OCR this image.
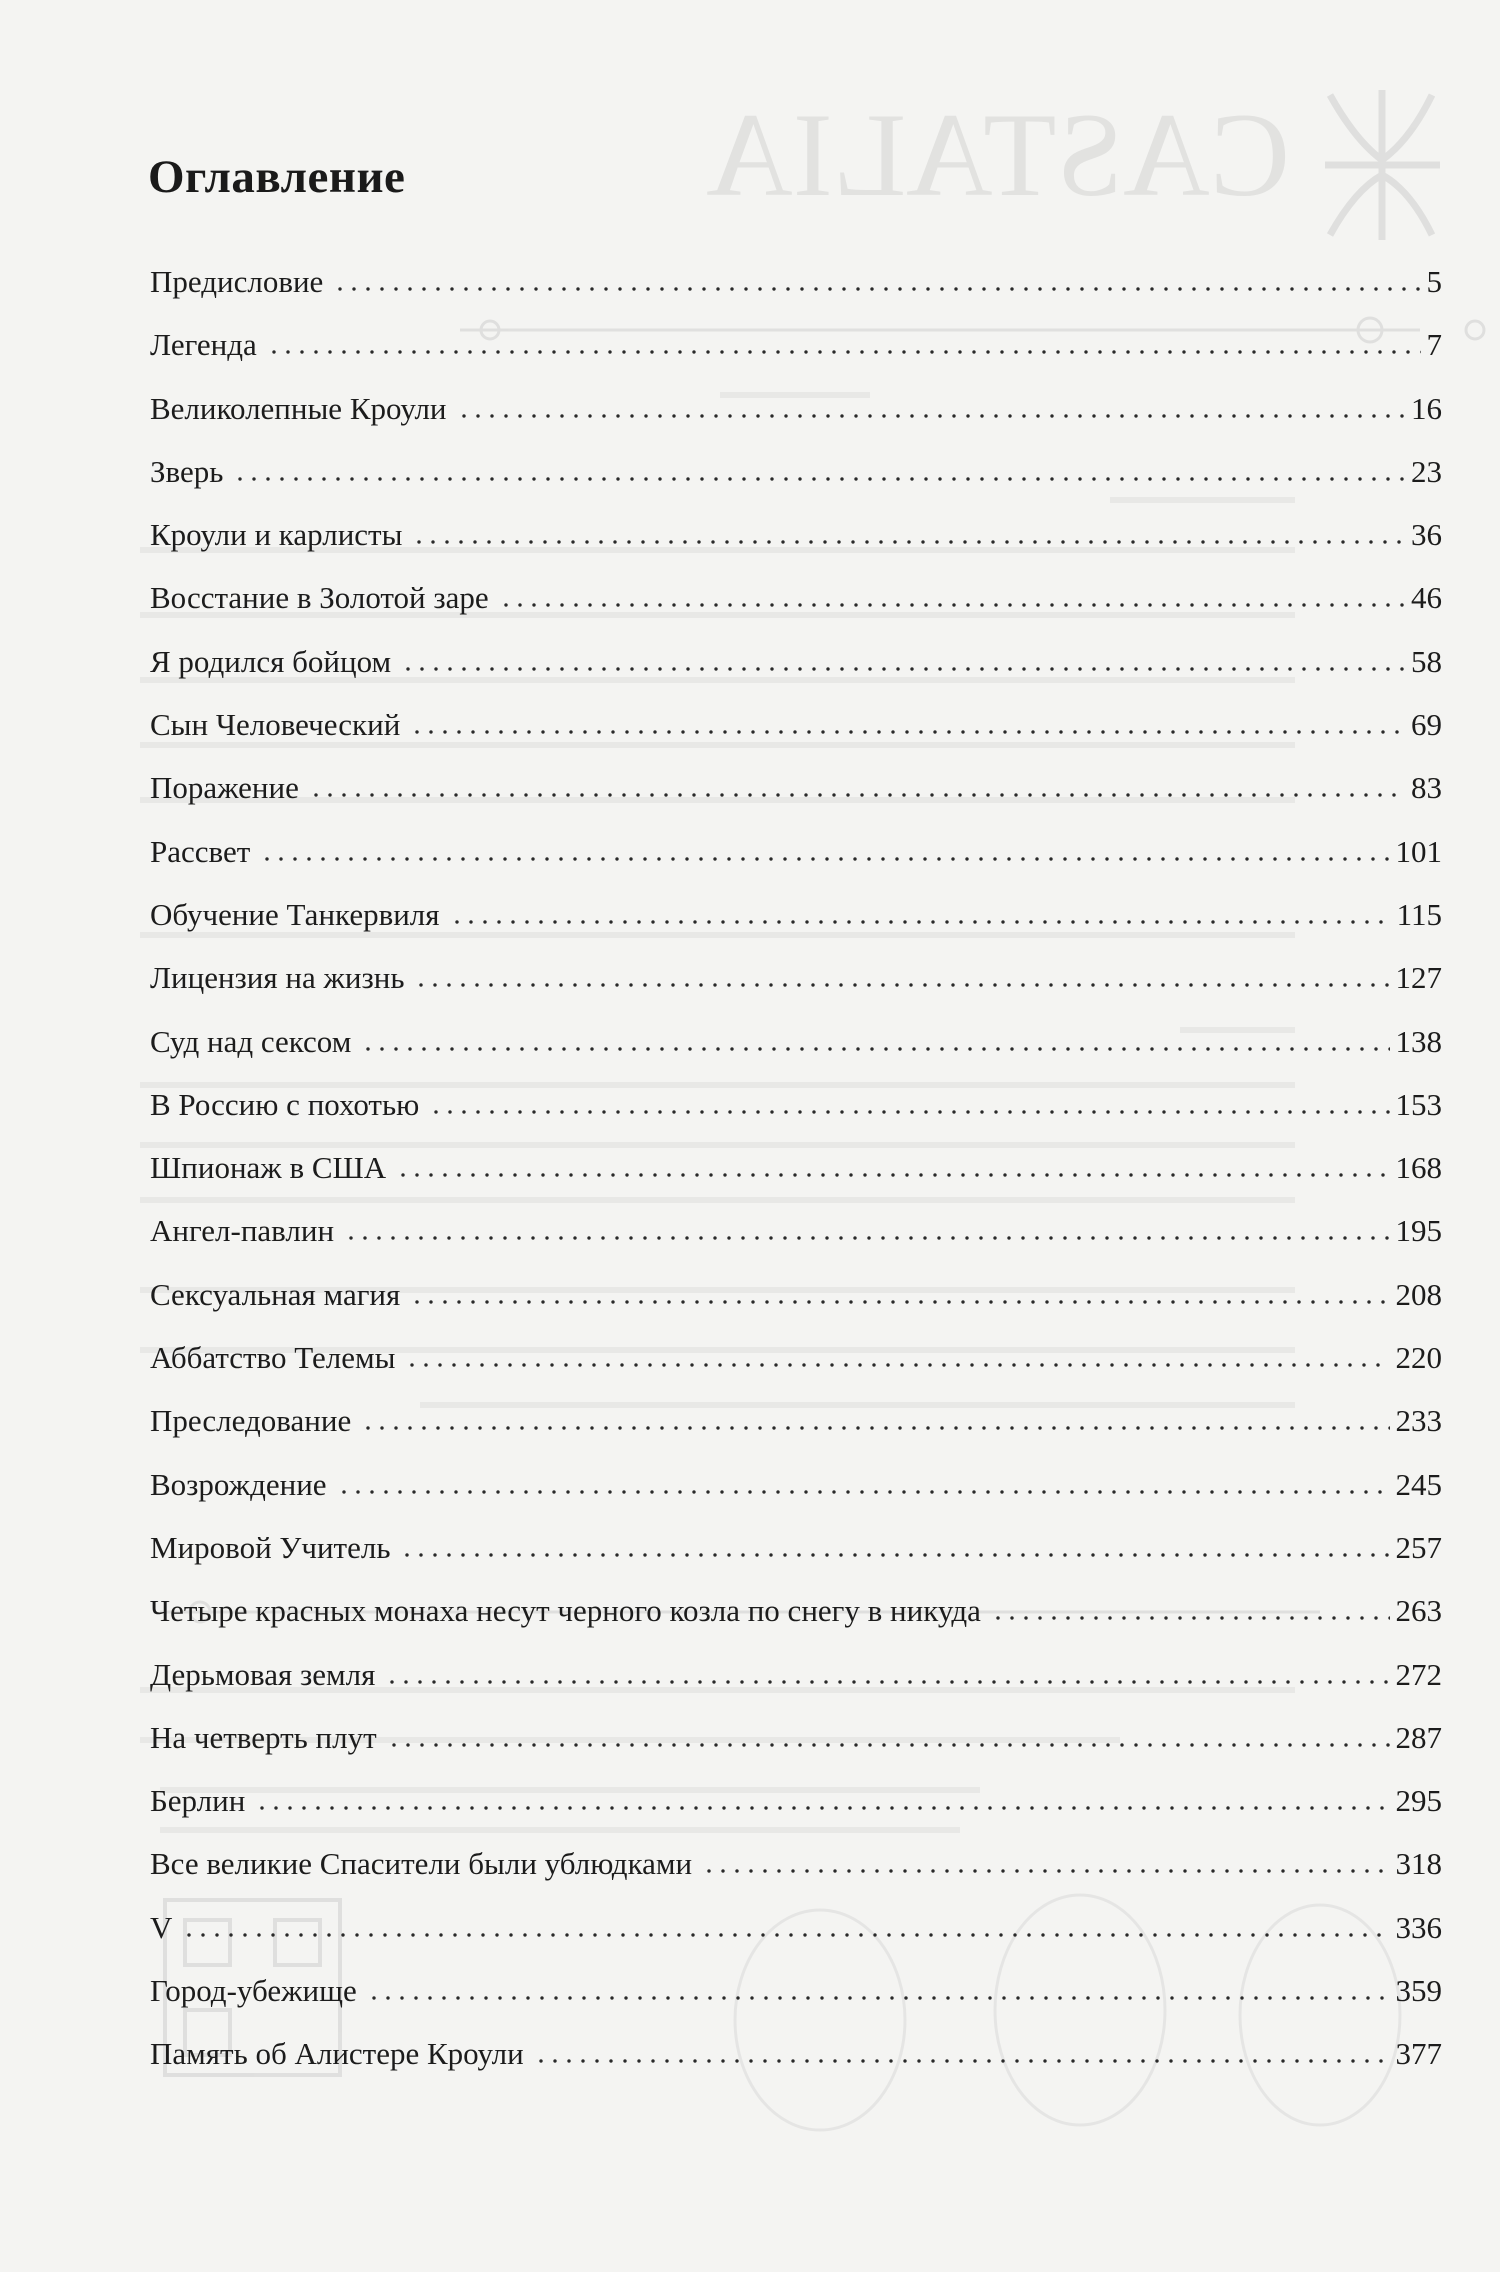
CASTALIA
Оглавление
Предисловие	5
Легенда	7
Великолепные Кроули	16
Зверь	23
Кроули и карлисты	36
Восстание в Золотой заре	46
Я родился бойцом	58
Сын Человеческий	69
Поражение	83
Рассвет	101
Обучение Танкервиля	115
Лицензия на жизнь	127
Суд над сексом	138
В Россию с похотью	153
Шпионаж в США	168
Ангел-павлин	195
Сексуальная магия	208
Аббатство Телемы	220
Преследование	233
Возрождение	245
Мировой Учитель	257
Четыре красных монаха несут черного козла по снегу в никуда	263
Дерьмовая земля	272
На четверть плут	287
Берлин	295
Все великие Спасители были ублюдками	318
V	336
Город-убежище	359
Память об Алистере Кроули	377
